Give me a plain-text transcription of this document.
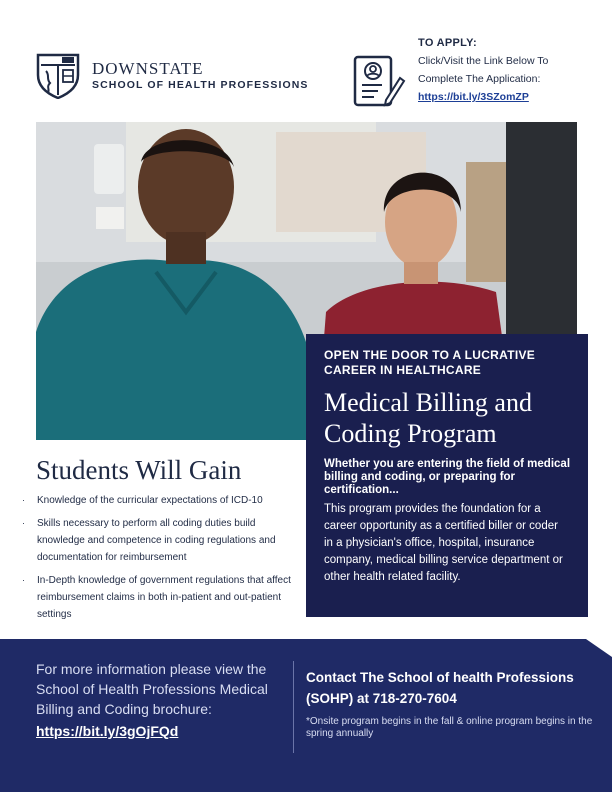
DOWNSTATE
SCHOOL OF HEALTH PROFESSIONS
TO APPLY:
Click/Visit the Link Below To
Complete The Application:
https://bit.ly/3SZomZP
OPEN THE DOOR TO A LUCRATIVE CAREER IN HEALTHCARE
Medical Billing and Coding Program
Whether you are entering the field of medical billing and coding, or preparing for certification...
This program provides the foundation for a career opportunity as a certified biller or coder in a physician's office, hospital, insurance company, medical billing service department or other health related facility.
Students Will Gain
·	Knowledge of the curricular expectations of ICD-10
·	Skills necessary to perform all coding duties build knowledge and competence in coding regulations and documentation for reimbursement
·	In-Depth knowledge of government regulations that affect reimbursement claims in both in-patient and out-patient settings
For more information please view the School of Health Professions Medical Billing and Coding brochure:
https://bit.ly/3gOjFQd
Contact The School of health Professions (SOHP) at 718-270-7604
*Onsite program begins in the fall & online program begins in the spring annually
